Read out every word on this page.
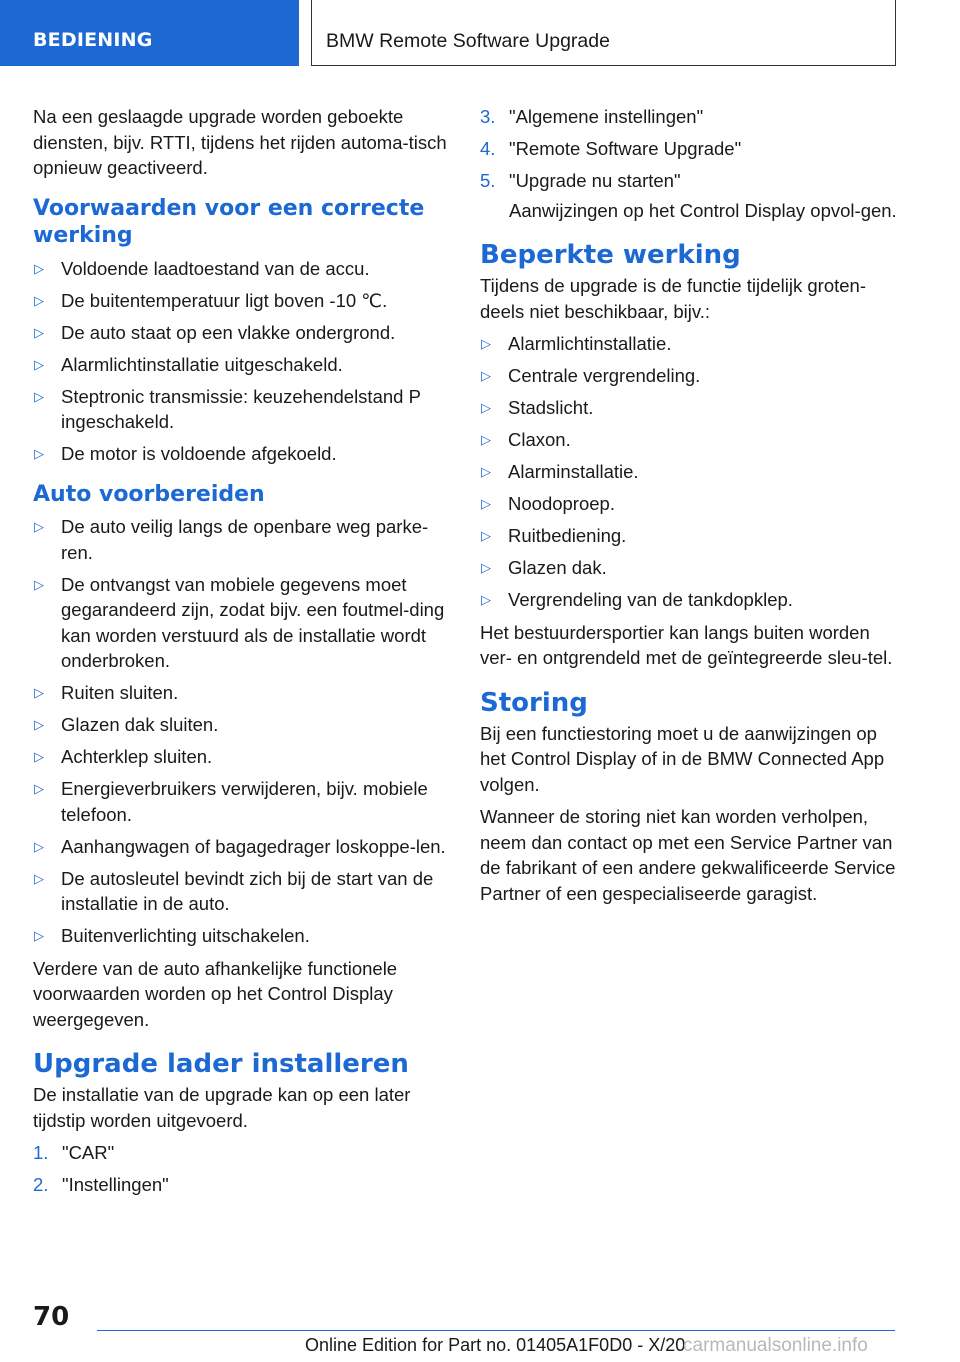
BEDIENING	BMW Remote Software Upgrade

Na een geslaagde upgrade worden geboekte diensten, bijv. RTTI, tijdens het rijden automa-tisch opnieuw geactiveerd.

Voorwaarden voor een correcte werking
▷ Voldoende laadtoestand van de accu.
▷ De buitentemperatuur ligt boven -10 ℃.
▷ De auto staat op een vlakke ondergrond.
▷ Alarmlichtinstallatie uitgeschakeld.
▷ Steptronic transmissie: keuzehendelstand P ingeschakeld.
▷ De motor is voldoende afgekoeld.
Auto voorbereiden
▷ De auto veilig langs de openbare weg parke-ren.
▷ De ontvangst van mobiele gegevens moet gegarandeerd zijn, zodat bijv. een foutmel-ding kan worden verstuurd als de installatie wordt onderbroken.
▷ Ruiten sluiten.
▷ Glazen dak sluiten.
▷ Achterklep sluiten.
▷ Energieverbruikers verwijderen, bijv. mobiele telefoon.
▷ Aanhangwagen of bagagedrager loskoppe-len.
▷ De autosleutel bevindt zich bij de start van de installatie in de auto.
▷ Buitenverlichting uitschakelen.

Verdere van de auto afhankelijke functionele voorwaarden worden op het Control Display weergegeven.

Upgrade lader installeren

De installatie van de upgrade kan op een later tijdstip worden uitgevoerd.

1. "CAR"
2. "Instellingen"
3. "Algemene instellingen"
4. "Remote Software Upgrade"
5. "Upgrade nu starten"

Aanwijzingen op het Control Display opvol-gen.

Beperkte werking

Tijdens de upgrade is de functie tijdelijk groten-deels niet beschikbaar, bijv.:

▷ Alarmlichtinstallatie.
▷ Centrale vergrendeling.
▷ Stadslicht.
▷ Claxon.
▷ Alarminstallatie.
▷ Noodoproep.
▷ Ruitbediening.
▷ Glazen dak.
▷ Vergrendeling van de tankdopklep.

Het bestuurdersportier kan langs buiten worden ver- en ontgrendeld met de geïntegreerde sleu-tel.

Storing

Bij een functiestoring moet u de aanwijzingen op het Control Display of in de BMW Connected App volgen.

Wanneer de storing niet kan worden verholpen, neem dan contact op met een Service Partner van de fabrikant of een andere gekwalificeerde Service Partner of een gespecialiseerde garagist.

70
Online Edition for Part no. 01405A1F0D0 - X/20
carmanualsonline.info
